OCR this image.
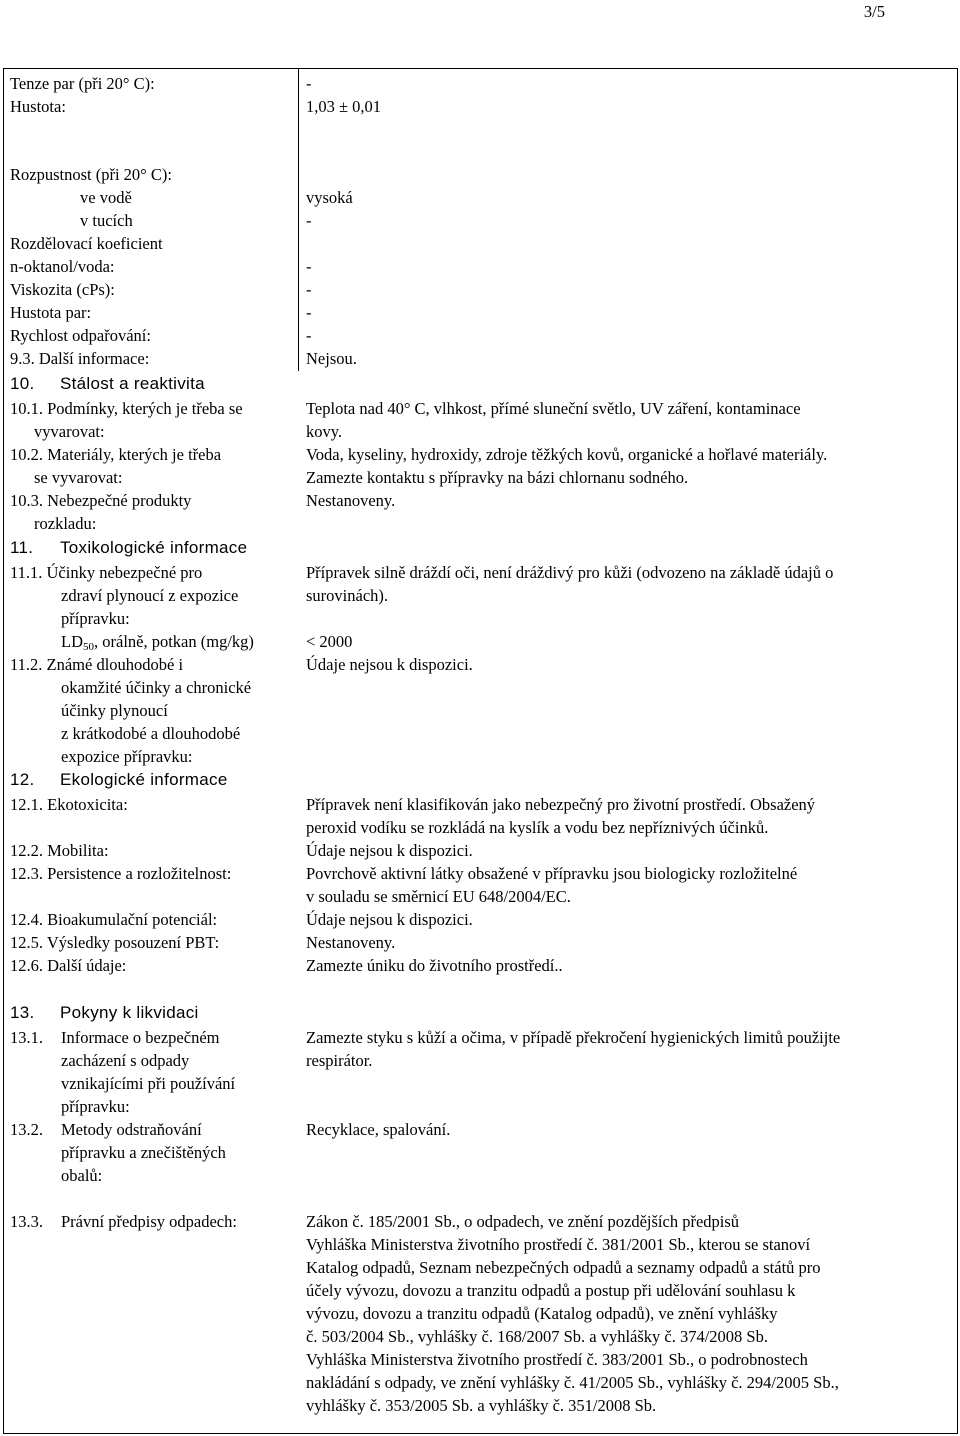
3/5
Tenze par (při 20° C):	-
Hustota:	1,03 ± 0,01
Rozpustnost (při 20° C):
ve vodě	vysoká
v tucích	-
Rozdělovací koeficient
n-oktanol/voda:	-
Viskozita (cPs):	-
Hustota par:	-
Rychlost odpařování:	-
9.3. Další informace:	Nejsou.
10. Stálost a reaktivita
10.1. Podmínky, kterých je třeba se	Teplota nad 40° C, vlhkost, přímé sluneční světlo, UV záření, kontaminace
vyvarovat:	kovy.
10.2. Materiály, kterých je třeba	Voda, kyseliny, hydroxidy, zdroje těžkých kovů, organické a hořlavé materiály.
se vyvarovat:	Zamezte kontaktu s přípravky na bázi chlornanu sodného.
10.3. Nebezpečné produkty	Nestanoveny.
rozkladu:
11. Toxikologické informace
11.1. Účinky nebezpečné pro	Přípravek silně dráždí oči, není dráždivý pro kůži (odvozeno na základě údajů o
zdraví plynoucí z expozice	surovinách).
přípravku:
$LD_{50}$, orálně, potkan (mg/kg)	< 2000
11.2. Známé dlouhodobé i	Údaje nejsou k dispozici.
okamžité účinky a chronické
účinky plynoucí
z krátkodobé a dlouhodobé
expozice přípravku:
12. Ekologické informace
12.1. Ekotoxicita:	Přípravek není klasifikován jako nebezpečný pro životní prostředí. Obsažený
peroxid vodíku se rozkládá na kyslík a vodu bez nepříznivých účinků.
12.2. Mobilita:	Údaje nejsou k dispozici.
12.3. Persistence a rozložitelnost:	Povrchově aktivní látky obsažené v přípravku jsou biologicky rozložitelné
v souladu se směrnicí EU 648/2004/EC.
12.4. Bioakumulační potenciál:	Údaje nejsou k dispozici.
12.5. Výsledky posouzení PBT:	Nestanoveny.
12.6. Další údaje:	Zamezte úniku do životního prostředí..
13. Pokyny k likvidaci
13.1. Informace o bezpečném	Zamezte styku s kůží a očima, v případě překročení hygienických limitů použijte
zacházení s odpady	respirátor.
vznikajícími při používání
přípravku:
13.2. Metody odstraňování	Recyklace, spalování.
přípravku a znečištěných
obalů:
13.3. Právní předpisy odpadech:	Zákon č. 185/2001 Sb., o odpadech, ve znění pozdějších předpisů
Vyhláška Ministerstva životního prostředí č. 381/2001 Sb., kterou se stanoví
Katalog odpadů, Seznam nebezpečných odpadů a seznamy odpadů a států pro
účely vývozu, dovozu a tranzitu odpadů a postup při udělování souhlasu k
vývozu, dovozu a tranzitu odpadů (Katalog odpadů), ve znění vyhlášky
č. 503/2004 Sb., vyhlášky č. 168/2007 Sb. a vyhlášky č. 374/2008 Sb.
Vyhláška Ministerstva životního prostředí č. 383/2001 Sb., o podrobnostech
nakládání s odpady, ve znění vyhlášky č. 41/2005 Sb., vyhlášky č. 294/2005 Sb.,
vyhlášky č. 353/2005 Sb. a vyhlášky č. 351/2008 Sb.
